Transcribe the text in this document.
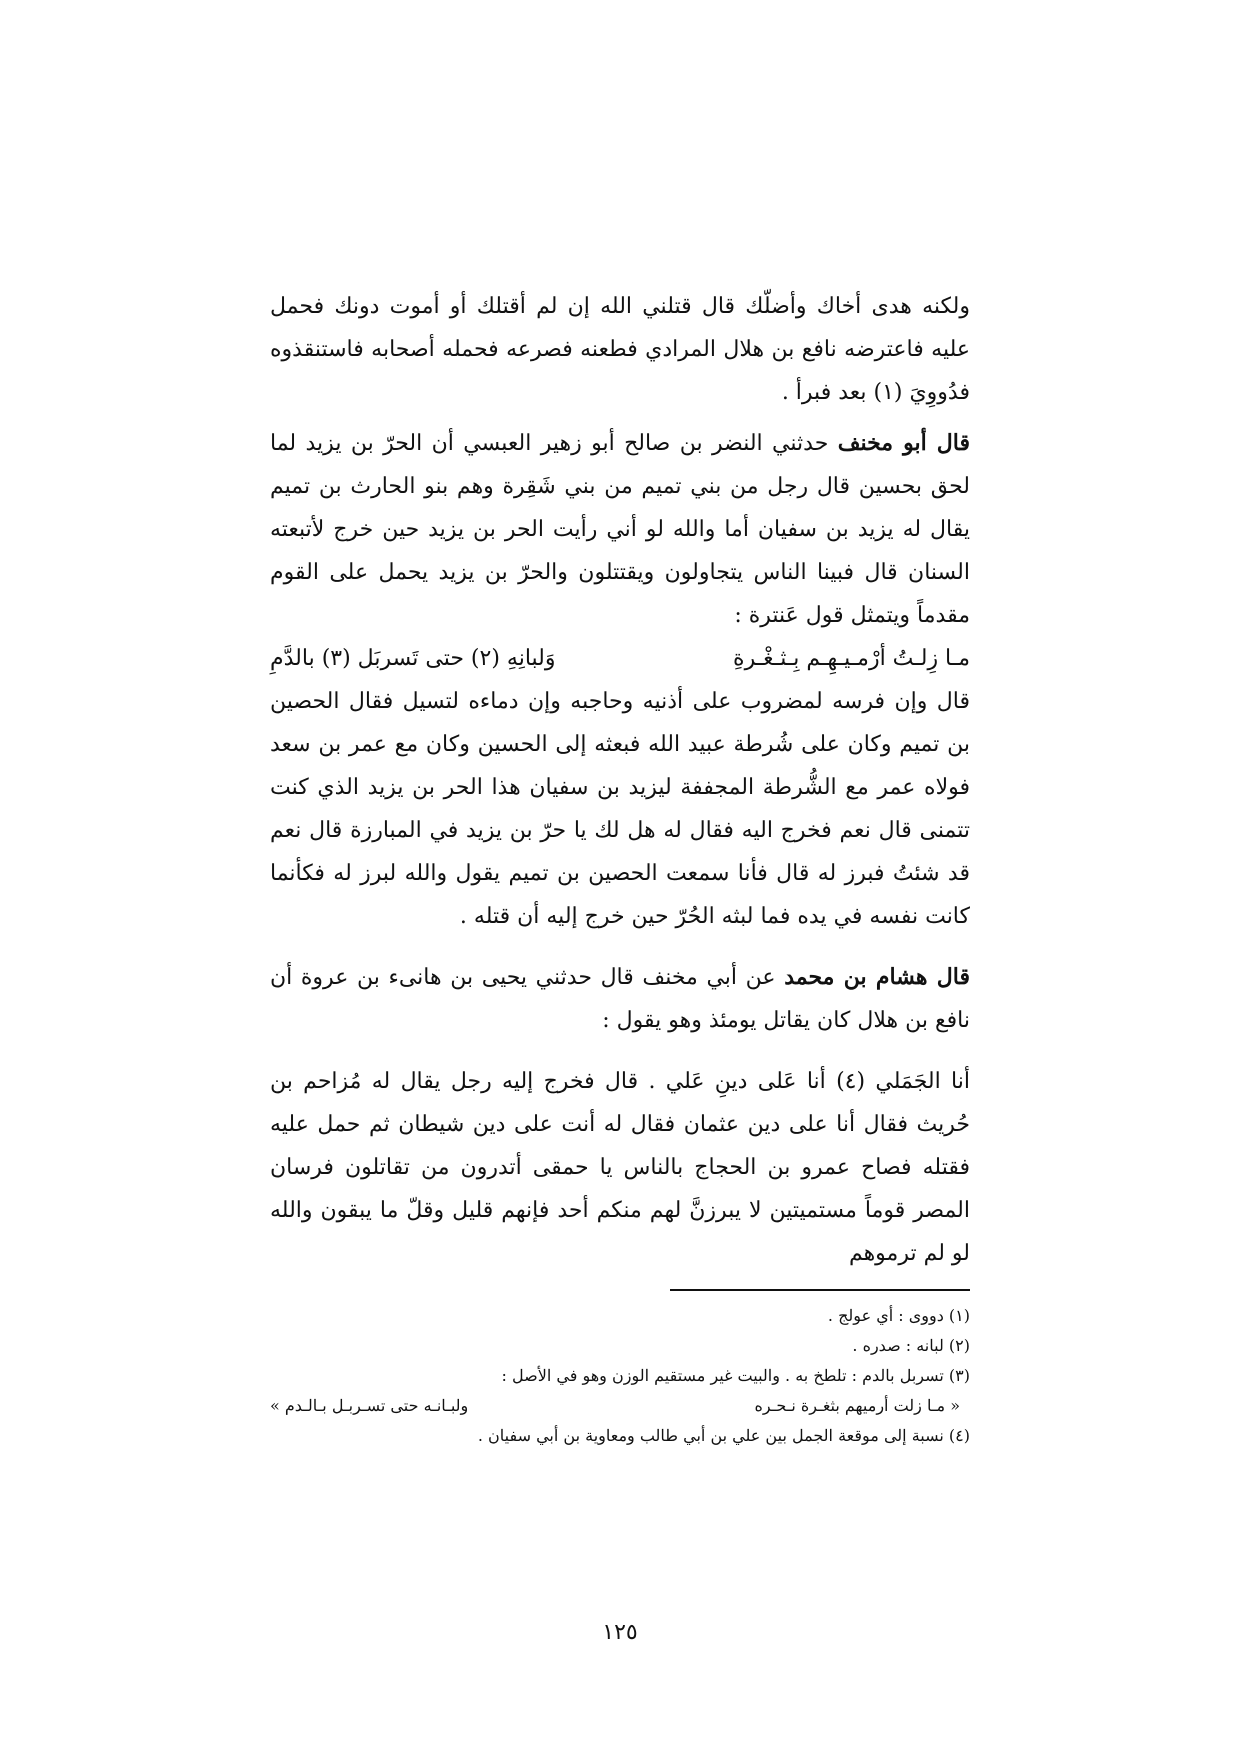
ولكنه هدى أخاك وأضلّك قال قتلني الله إن لم أقتلك أو أموت دونك فحمل عليه فاعترضه نافع بن هلال المرادي فطعنه فصرعه فحمله أصحابه فاستنقذوه فدُووِيَ (١) بعد فبرأ .

قال أبو مخنف حدثني النضر بن صالح أبو زهير العبسي أن الحرّ بن يزيد لما لحق بحسين قال رجل من بني تميم من بني شَقِرة وهم بنو الحارث بن تميم يقال له يزيد بن سفيان أما والله لو أني رأيت الحر بن يزيد حين خرج لأتبعته السنان قال فبينا الناس يتجاولون ويقتتلون والحرّ بن يزيد يحمل على القوم مقدماً ويتمثل قول عَنترة :

مـا زِلـتُ أرْمـيـهِـم بِـثـغْـرةِ
وَلبانِهِ (٢) حتى تَسربَل (٣) بالدَّمِ

قال وإن فرسه لمضروب على أذنيه وحاجبه وإن دماءه لتسيل فقال الحصين بن تميم وكان على شُرطة عبيد الله فبعثه إلى الحسين وكان مع عمر بن سعد فولاه عمر مع الشُّرطة المجففة ليزيد بن سفيان هذا الحر بن يزيد الذي كنت تتمنى قال نعم فخرج اليه فقال له هل لك يا حرّ بن يزيد في المبارزة قال نعم قد شئتُ فبرز له قال فأنا سمعت الحصين بن تميم يقول والله لبرز له فكأنما كانت نفسه في يده فما لبثه الحُرّ حين خرج إليه أن قتله .

قال هشام بن محمد عن أبي مخنف قال حدثني يحيى بن هانىء بن عروة أن نافع بن هلال كان يقاتل يومئذ وهو يقول :

أنا الجَمَلي (٤) أنا عَلى دينِ عَلي . قال فخرج إليه رجل يقال له مُزاحم بن حُريث فقال أنا على دين عثمان فقال له أنت على دين شيطان ثم حمل عليه فقتله فصاح عمرو بن الحجاج بالناس يا حمقى أتدرون من تقاتلون فرسان المصر قوماً مستميتين لا يبرزنَّ لهم منكم أحد فإنهم قليل وقلّ ما يبقون والله لو لم ترموهم

(١) دووى : أي عولج .

(٢) لبانه : صدره .

(٣) تسربل بالدم : تلطخ به . والبيت غير مستقيم الوزن وهو في الأصل :

« مـا زلت أرميهم بثغـرة نـحـره
ولبـانـه حتى تسـربـل بـالـدم »

(٤) نسبة إلى موقعة الجمل بين علي بن أبي طالب ومعاوية بن أبي سفيان .

١٢٥
